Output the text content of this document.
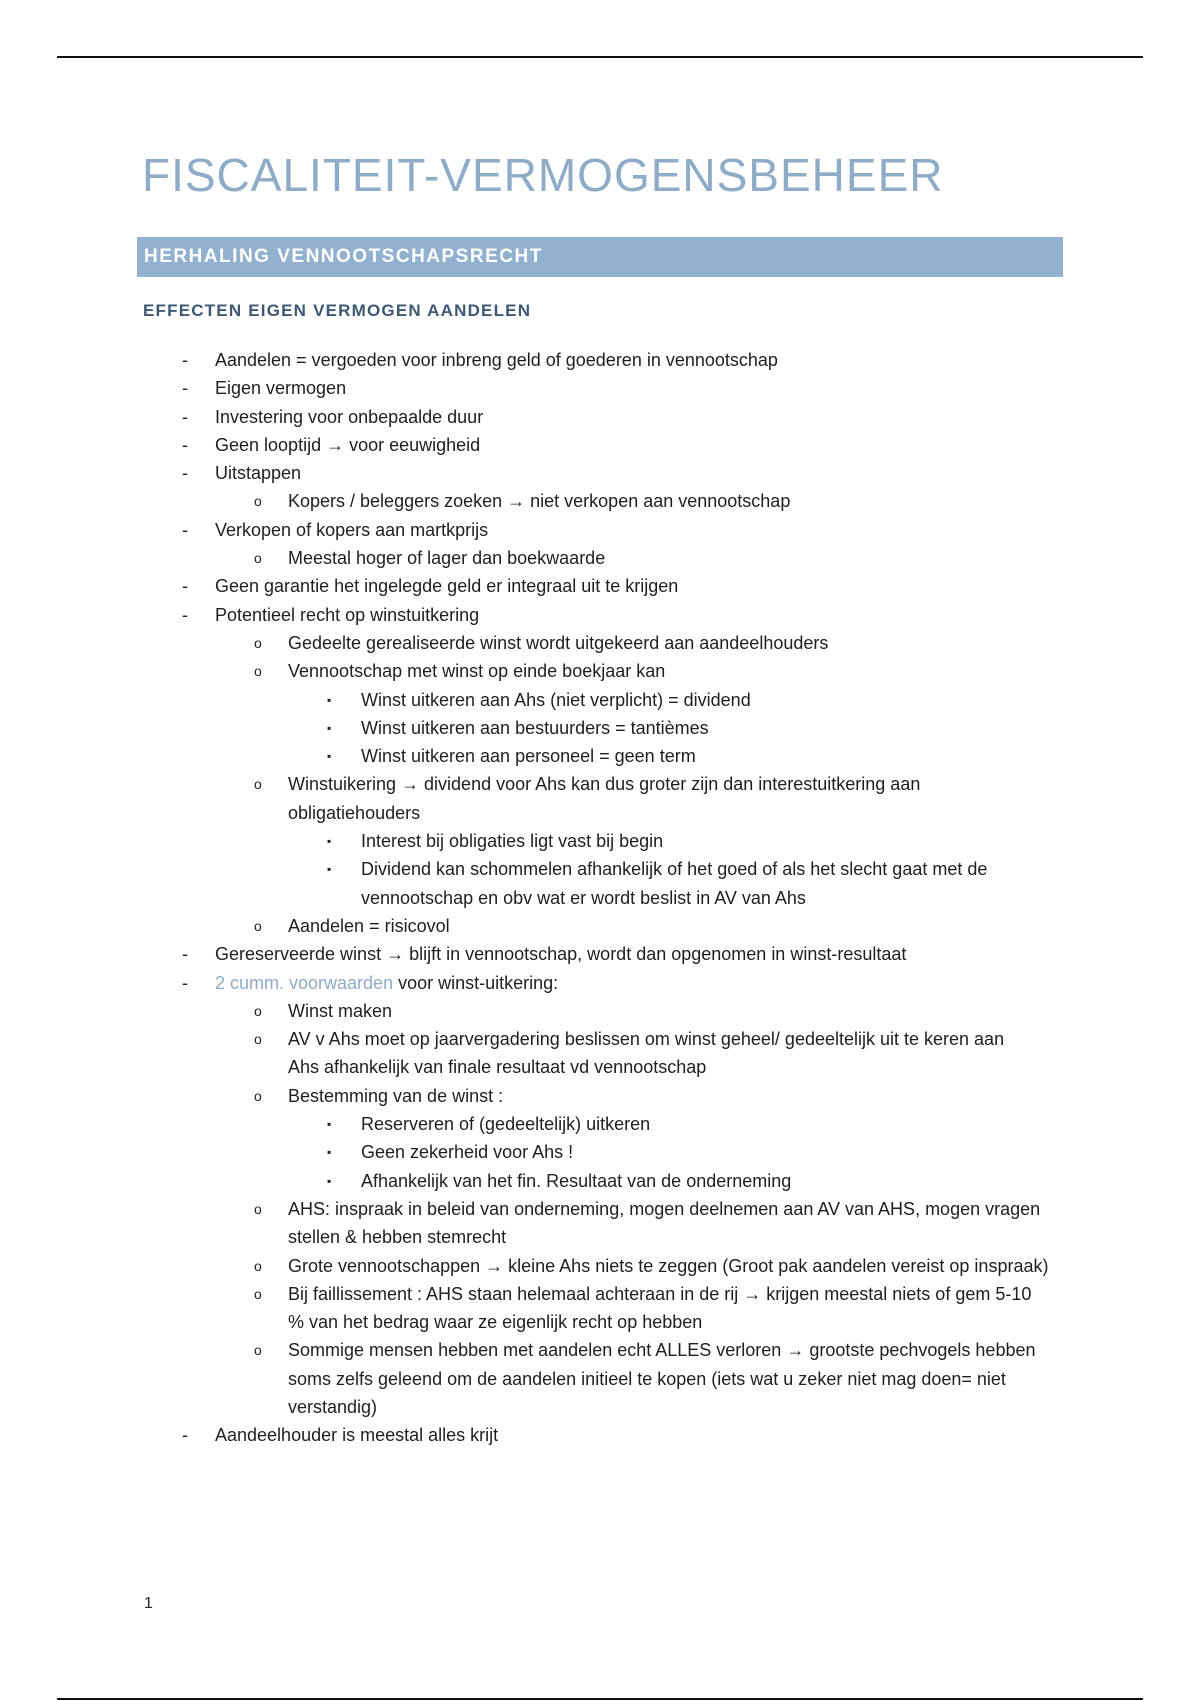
FISCALITEIT-VERMOGENSBEHEER
HERHALING VENNOOTSCHAPSRECHT
EFFECTEN EIGEN VERMOGEN AANDELEN
- Aandelen = vergoeden voor inbreng geld of goederen in vennootschap
- Eigen vermogen
- Investering voor onbepaalde duur
- Geen looptijd → voor eeuwigheid
- Uitstappen
o Kopers / beleggers zoeken → niet verkopen aan vennootschap
- Verkopen of kopers aan martkprijs
o Meestal hoger of lager dan boekwaarde
- Geen garantie het ingelegde geld er integraal uit te krijgen
- Potentieel recht op winstuitkering
o Gedeelte gerealiseerde winst wordt uitgekeerd aan aandeelhouders
o Vennootschap met winst op einde boekjaar kan
▪ Winst uitkeren aan Ahs (niet verplicht) = dividend
▪ Winst uitkeren aan bestuurders = tantièmes
▪ Winst uitkeren aan personeel = geen term
o Winstuikering → dividend voor Ahs kan dus groter zijn dan interestuitkering aan
obligatiehouders
▪ Interest bij obligaties ligt vast bij begin
▪ Dividend kan schommelen afhankelijk of het goed of als het slecht gaat met de
vennootschap en obv wat er wordt beslist in AV van Ahs
o Aandelen = risicovol
- Gereserveerde winst → blijft in vennootschap, wordt dan opgenomen in winst-resultaat
- 2 cumm. voorwaarden voor winst-uitkering:
o Winst maken
o AV v Ahs moet op jaarvergadering beslissen om winst geheel/ gedeeltelijk uit te keren aan
Ahs afhankelijk van finale resultaat vd vennootschap
o Bestemming van de winst :
▪ Reserveren of (gedeeltelijk) uitkeren
▪ Geen zekerheid voor Ahs !
▪ Afhankelijk van het fin. Resultaat van de onderneming
o AHS: inspraak in beleid van onderneming, mogen deelnemen aan AV van AHS, mogen vragen
stellen & hebben stemrecht
o Grote vennootschappen → kleine Ahs niets te zeggen (Groot pak aandelen vereist op inspraak)
o Bij faillissement : AHS staan helemaal achteraan in de rij → krijgen meestal niets of gem 5-10
% van het bedrag waar ze eigenlijk recht op hebben
o Sommige mensen hebben met aandelen echt ALLES verloren → grootste pechvogels hebben
soms zelfs geleend om de aandelen initieel te kopen (iets wat u zeker niet mag doen= niet
verstandig)
- Aandeelhouder is meestal alles krijt
1
